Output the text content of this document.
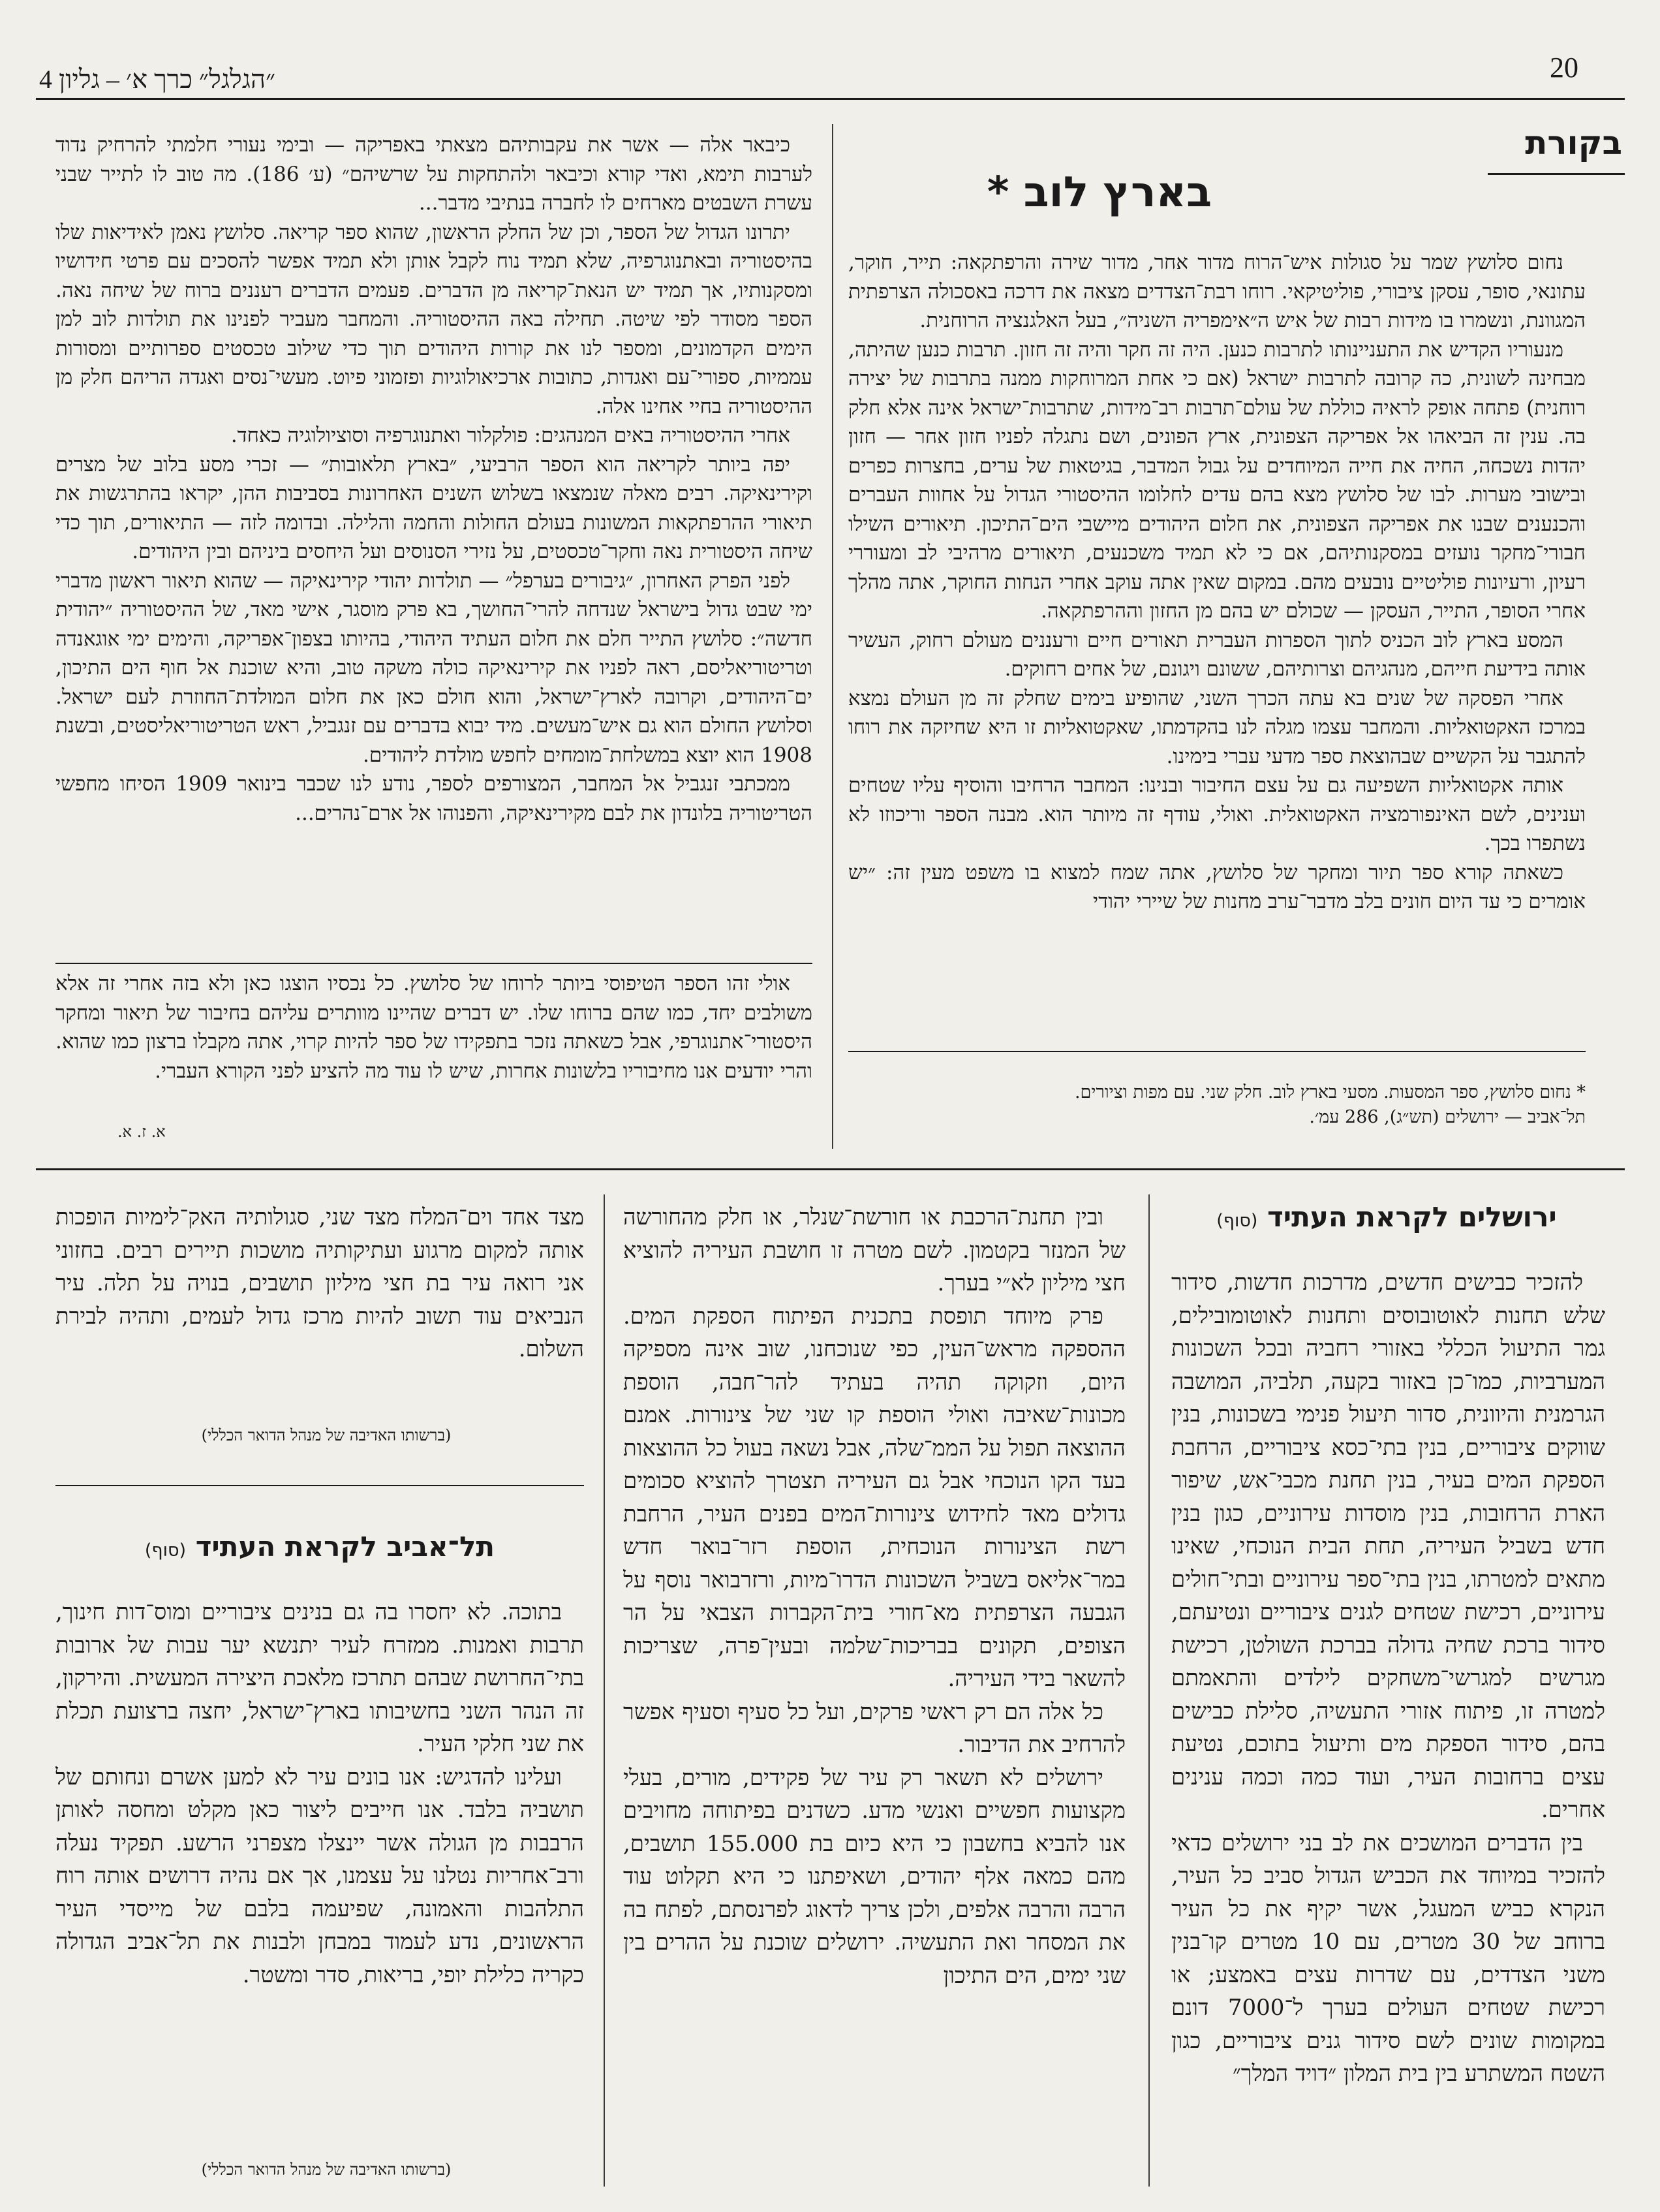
20
״הגלגל״ כרך א׳ – גליון 4
בקורת
בארץ לוב *

נחום סלושץ שמר על סגולות איש־הרוח מדור אחר, מדור שירה והרפתקאה: תייר, חוקר, עתונאי, סופר, עסקן ציבורי, פוליטיקאי. רוחו רבת־הצדדים מצאה את דרכה באסכולה הצרפתית המגוונת, ונשמרו בו מידות רבות של איש ה״אימפריה השניה״, בעל האלגנציה הרוחנית.

מנעוריו הקדיש את התעניינותו לתרבות כנען. היה זה חקר והיה זה חזון. תרבות כנען שהיתה, מבחינה לשונית, כה קרובה לתרבות ישראל (אם כי אחת המרוחקות ממנה בתרבות של יצירה רוחנית) פתחה אופק לראיה כוללת של עולם־תרבות רב־מידות, שתרבות־ישראל אינה אלא חלק בה. ענין זה הביאהו אל אפריקה הצפונית, ארץ הפונים, ושם נתגלה לפניו חזון אחר — חזון יהדות נשכחה, החיה את חייה המיוחדים על גבול המדבר, בגיטאות של ערים, בחצרות כפרים ובישובי מערות. לבו של סלושץ מצא בהם עדים לחלומו ההיסטורי הגדול על אחוות העברים והכנענים שבנו את אפריקה הצפונית, את חלום היהודים מיישבי הים־התיכון. תיאורים השילו חבורי־מחקר נועזים במסקנותיהם, אם כי לא תמיד משכנעים, תיאורים מרהיבי לב ומעוררי רעיון, ורעיונות פוליטיים נובעים מהם. במקום שאין אתה עוקב אחרי הנחות החוקר, אתה מהלך אחרי הסופר, התייר, העסקן — שכולם יש בהם מן החזון וההרפתקאה.

המסע בארץ לוב הכניס לתוך הספרות העברית תאורים חיים ורעננים מעולם רחוק, העשיר אותה בידיעת חייהם, מנהגיהם וצרותיהם, ששונם ויגונם, של אחים רחוקים.

אחרי הפסקה של שנים בא עתה הכרך השני, שהופיע בימים שחלק זה מן העולם נמצא במרכז האקטואליות. והמחבר עצמו מגלה לנו בהקדמתו, שאקטואליות זו היא שחיזקה את רוחו להתגבר על הקשיים שבהוצאת ספר מדעי עברי בימינו.

אותה אקטואליות השפיעה גם על עצם החיבור ובנינו: המחבר הרחיבו והוסיף עליו שטחים וענינים, לשם האינפורמציה האקטואלית. ואולי, עודף זה מיותר הוא. מבנה הספר וריכוזו לא נשתפרו בכך.

כשאתה קורא ספר תיור ומחקר של סלושץ, אתה שמח למצוא בו משפט מעין זה: ״יש אומרים כי עד היום חונים בלב מדבר־ערב מחנות של שיירי יהודי

* נחום סלושץ, ספר המסעות. מסעי בארץ לוב. חלק שני. עם מפות וציורים.
תל־אביב — ירושלים (תש״ג), 286 עמ׳.

כיבאר אלה — אשר את עקבותיהם מצאתי באפריקה — ובימי נעורי חלמתי להרחיק נדוד לערבות תימא, ואדי קורא וכיבאר ולהתחקות על שרשיהם״ (ע׳ 186). מה טוב לו לתייר שבני עשרת השבטים מארחים לו לחברה בנתיבי מדבר...

יתרונו הגדול של הספר, וכן של החלק הראשון, שהוא ספר קריאה. סלושץ נאמן לאידיאות שלו בהיסטוריה ובאתנוגרפיה, שלא תמיד נוח לקבל אותן ולא תמיד אפשר להסכים עם פרטי חידושיו ומסקנותיו, אך תמיד יש הנאת־קריאה מן הדברים. פעמים הדברים רעננים ברוח של שיחה נאה. הספר מסודר לפי שיטה. תחילה באה ההיסטוריה. והמחבר מעביר לפנינו את תולדות לוב למן הימים הקדמונים, ומספר לנו את קורות היהודים תוך כדי שילוב טכסטים ספרותיים ומסורות עממיות, ספורי־עם ואגדות, כתובות ארכיאולוגיות ופזמוני פיוט. מעשי־נסים ואגדה הריהם חלק מן ההיסטוריה בחיי אחינו אלה.

אחרי ההיסטוריה באים המנהגים: פולקלור ואתנוגרפיה וסוציולוגיה כאחד.

יפה ביותר לקריאה הוא הספר הרביעי, ״בארץ תלאובות״ — זכרי מסע בלוב של מצרים וקירינאיקה. רבים מאלה שנמצאו בשלוש השנים האחרונות בסביבות ההן, יקראו בהתרגשות את תיאורי ההרפתקאות המשונות בעולם החולות והחמה והלילה. ובדומה לזה — התיאורים, תוך כדי שיחה היסטורית נאה וחקר־טכסטים, על נזירי הסנוסים ועל היחסים ביניהם ובין היהודים.

לפני הפרק האחרון, ״גיבורים בערפל״ — תולדות יהודי קירינאיקה — שהוא תיאור ראשון מדברי ימי שבט גדול בישראל שנדחה להרי־החושך, בא פרק מוסגר, אישי מאד, של ההיסטוריה ״יהודית חדשה״: סלושץ התייר חלם את חלום העתיד היהודי, בהיותו בצפון־אפריקה, והימים ימי אוגאנדה וטריטוריאליסם, ראה לפניו את קירינאיקה כולה משקה טוב, והיא שוכנת אל חוף הים התיכון, ים־היהודים, וקרובה לארץ־ישראל, והוא חולם כאן את חלום המולדת־החוזרת לעם ישראל. וסלושץ החולם הוא גם איש־מעשים. מיד יבוא בדברים עם זנגביל, ראש הטריטוריאליסטים, ובשנת 1908 הוא יוצא במשלחת־מומחים לחפש מולדת ליהודים.

ממכתבי זנגביל אל המחבר, המצורפים לספר, נודע לנו שכבר בינואר 1909 הסיחו מחפשי הטריטוריה בלונדון את לבם מקירינאיקה, והפנוהו אל ארם־נהרים...

אולי זהו הספר הטיפוסי ביותר לרוחו של סלושץ. כל נכסיו הוצגו כאן ולא בזה אחרי זה אלא משולבים יחד, כמו שהם ברוחו שלו. יש דברים שהיינו מוותרים עליהם בחיבור של תיאור ומחקר היסטורי־אתנוגרפי, אבל כשאתה נזכר בתפקידו של ספר להיות קרוי, אתה מקבלו ברצון כמו שהוא. והרי יודעים אנו מחיבוריו בלשונות אחרות, שיש לו עוד מה להציע לפני הקורא העברי.

א. ז. א.
ירושלים לקראת העתיד (סוף)

להזכיר כבישים חדשים, מדרכות חדשות, סידור שלש תחנות לאוטובוסים ותחנות לאוטומובילים, גמר התיעול הכללי באזורי רחביה ובכל השכונות המערביות, כמו־כן באזור בקעה, תלביה, המושבה הגרמנית והיוונית, סדור תיעול פנימי בשכונות, בנין שווקים ציבוריים, בנין בתי־כסא ציבוריים, הרחבת הספקת המים בעיר, בנין תחנת מכבי־אש, שיפור הארת הרחובות, בנין מוסדות עירוניים, כגון בנין חדש בשביל העיריה, תחת הבית הנוכחי, שאינו מתאים למטרתו, בנין בתי־ספר עירוניים ובתי־חולים עירוניים, רכישת שטחים לגנים ציבוריים ונטיעתם, סידור ברכת שחיה גדולה בברכת השולטן, רכישת מגרשים למגרשי־משחקים לילדים והתאמתם למטרה זו, פיתוח אזורי התעשיה, סלילת כבישים בהם, סידור הספקת מים ותיעול בתוכם, נטיעת עצים ברחובות העיר, ועוד כמה וכמה ענינים אחרים.

בין הדברים המושכים את לב בני ירושלים כדאי להזכיר במיוחד את הכביש הגדול סביב כל העיר, הנקרא כביש המעגל, אשר יקיף את כל העיר ברוחב של 30 מטרים, עם 10 מטרים קו־בנין משני הצדדים, עם שדרות עצים באמצע; או רכישת שטחים העולים בערך ל־7000 דונם במקומות שונים לשם סידור גנים ציבוריים, כגון השטח המשתרע בין בית המלון ״דויד המלך״

ובין תחנת־הרכבת או חורשת־שנלר, או חלק מהחורשה של המנזר בקטמון. לשם מטרה זו חושבת העיריה להוציא חצי מיליון לא״י בערך.

פרק מיוחד תופסת בתכנית הפיתוח הספקת המים. ההספקה מראש־העין, כפי שנוכחנו, שוב אינה מספיקה היום, וזקוקה תהיה בעתיד להר־חבה, הוספת מכונות־שאיבה ואולי הוספת קו שני של צינורות. אמנם ההוצאה תפול על הממ־שלה, אבל נשאה בעול כל ההוצאות בעד הקו הנוכחי אבל גם העיריה תצטרך להוציא סכומים גדולים מאד לחידוש צינורות־המים בפנים העיר, הרחבת רשת הצינורות הנוכחית, הוספת רזר־בואר חדש במר־אליאס בשביל השכונות הדרו־מיות, ורזרבואר נוסף על הגבעה הצרפתית מא־חורי בית־הקברות הצבאי על הר הצופים, תקונים בבריכות־שלמה ובעין־פרה, שצריכות להשאר בידי העיריה.

כל אלה הם רק ראשי פרקים, ועל כל סעיף וסעיף אפשר להרחיב את הדיבור.

ירושלים לא תשאר רק עיר של פקידים, מורים, בעלי מקצועות חפשיים ואנשי מדע. כשדנים בפיתוחה מחויבים אנו להביא בחשבון כי היא כיום בת 155.000 תושבים, מהם כמאה אלף יהודים, ושאיפתנו כי היא תקלוט עוד הרבה והרבה אלפים, ולכן צריך לדאוג לפרנסתם, לפתח בה את המסחר ואת התעשיה. ירושלים שוכנת על ההרים בין שני ימים, הים התיכון

מצד אחד וים־המלח מצד שני, סגולותיה האק־לימיות הופכות אותה למקום מרגוע ועתיקותיה מושכות תיירים רבים. בחזוני אני רואה עיר בת חצי מיליון תושבים, בנויה על תלה. עיר הנביאים עוד תשוב להיות מרכז גדול לעמים, ותהיה לבירת השלום.

(ברשותו האדיבה של מנהל הדואר הכללי)
תל־אביב לקראת העתיד (סוף)

בתוכה. לא יחסרו בה גם בנינים ציבוריים ומוס־דות חינוך, תרבות ואמנות. ממזרח לעיר יתנשא יער עבות של ארובות בתי־החרושת שבהם תתרכז מלאכת היצירה המעשית. והירקון, זה הנהר השני בחשיבותו בארץ־ישראל, יחצה ברצועת תכלת את שני חלקי העיר.

ועלינו להדגיש: אנו בונים עיר לא למען אשרם ונחותם של תושביה בלבד. אנו חייבים ליצור כאן מקלט ומחסה לאותן הרבבות מן הגולה אשר יינצלו מצפרני הרשע. תפקיד נעלה ורב־אחריות נטלנו על עצמנו, אך אם נהיה דרושים אותה רוח התלהבות והאמונה, שפיעמה בלבם של מייסדי העיר הראשונים, נדע לעמוד במבחן ולבנות את תל־אביב הגדולה כקריה כלילת יופי, בריאות, סדר ומשטר.

(ברשותו האדיבה של מנהל הדואר הכללי)
